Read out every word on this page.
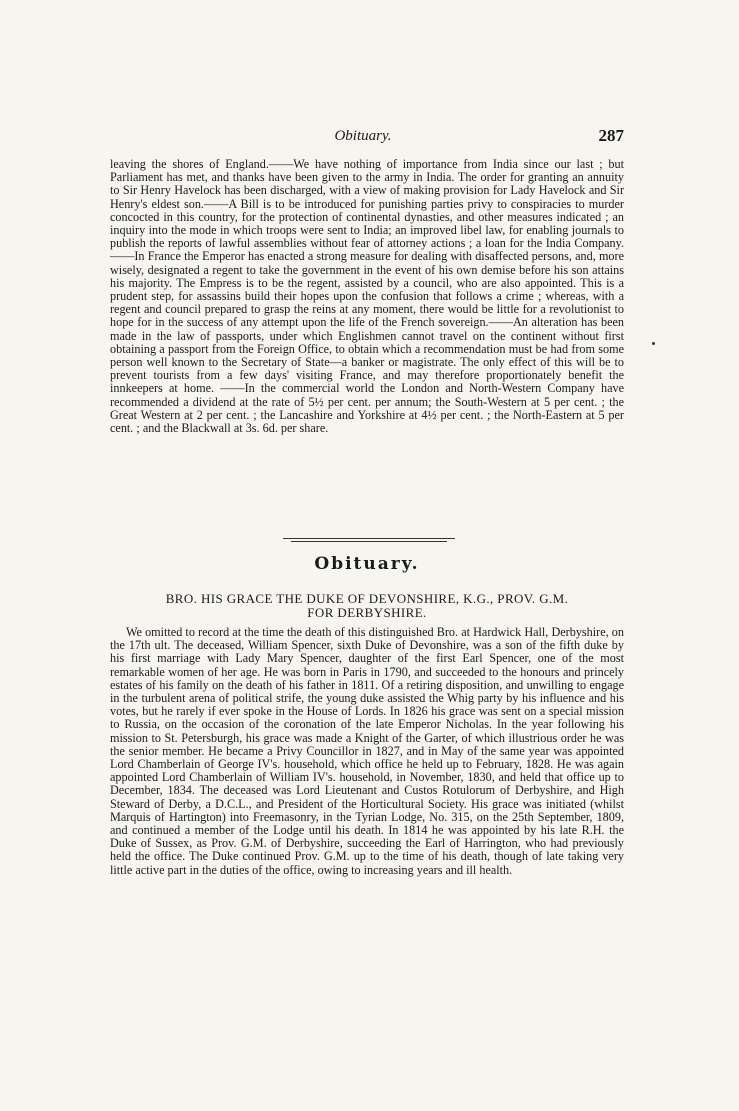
Obituary.	287

leaving the shores of England.——We have nothing of importance from India since our last ; but Parliament has met, and thanks have been given to the army in India. The order for granting an annuity to Sir Henry Havelock has been discharged, with a view of making provision for Lady Havelock and Sir Henry's eldest son.——A Bill is to be introduced for punishing parties privy to conspiracies to murder concocted in this country, for the protection of continental dynasties, and other measures indicated ; an inquiry into the mode in which troops were sent to India; an improved libel law, for enabling journals to publish the reports of lawful assemblies without fear of attorney actions ; a loan for the India Company. ——In France the Emperor has enacted a strong measure for dealing with disaffected persons, and, more wisely, designated a regent to take the government in the event of his own demise before his son attains his majority. The Empress is to be the regent, assisted by a council, who are also appointed. This is a prudent step, for assassins build their hopes upon the confusion that follows a crime ; whereas, with a regent and council prepared to grasp the reins at any moment, there would be little for a revolutionist to hope for in the success of any attempt upon the life of the French sovereign.——An alteration has been made in the law of passports, under which Englishmen cannot travel on the continent without first obtaining a passport from the Foreign Office, to obtain which a recommendation must be had from some person well known to the Secretary of State—a banker or magistrate. The only effect of this will be to prevent tourists from a few days' visiting France, and may therefore proportionately benefit the innkeepers at home. ——In the commercial world the London and North-Western Company have recommended a dividend at the rate of 5½ per cent. per annum; the South-Western at 5 per cent. ; the Great Western at 2 per cent. ; the Lancashire and Yorkshire at 4½ per cent. ; the North-Eastern at 5 per cent. ; and the Blackwall at 3s. 6d. per share.

Obituary.
BRO. HIS GRACE THE DUKE OF DEVONSHIRE, K.G., PROV. G.M.
FOR DERBYSHIRE.

We omitted to record at the time the death of this distinguished Bro. at Hardwick Hall, Derbyshire, on the 17th ult. The deceased, William Spencer, sixth Duke of Devonshire, was a son of the fifth duke by his first marriage with Lady Mary Spencer, daughter of the first Earl Spencer, one of the most remarkable women of her age. He was born in Paris in 1790, and succeeded to the honours and princely estates of his family on the death of his father in 1811. Of a retiring disposition, and unwilling to engage in the turbulent arena of political strife, the young duke assisted the Whig party by his influence and his votes, but he rarely if ever spoke in the House of Lords. In 1826 his grace was sent on a special mission to Russia, on the occasion of the coronation of the late Emperor Nicholas. In the year following his mission to St. Petersburgh, his grace was made a Knight of the Garter, of which illustrious order he was the senior member. He became a Privy Councillor in 1827, and in May of the same year was appointed Lord Chamberlain of George IV's. household, which office he held up to February, 1828. He was again appointed Lord Chamberlain of William IV's. household, in November, 1830, and held that office up to December, 1834. The deceased was Lord Lieutenant and Custos Rotulorum of Derbyshire, and High Steward of Derby, a D.C.L., and President of the Horticultural Society. His grace was initiated (whilst Marquis of Hartington) into Freemasonry, in the Tyrian Lodge, No. 315, on the 25th September, 1809, and continued a member of the Lodge until his death. In 1814 he was appointed by his late R.H. the Duke of Sussex, as Prov. G.M. of Derbyshire, succeeding the Earl of Harrington, who had previously held the office. The Duke continued Prov. G.M. up to the time of his death, though of late taking very little active part in the duties of the office, owing to increasing years and ill health.
